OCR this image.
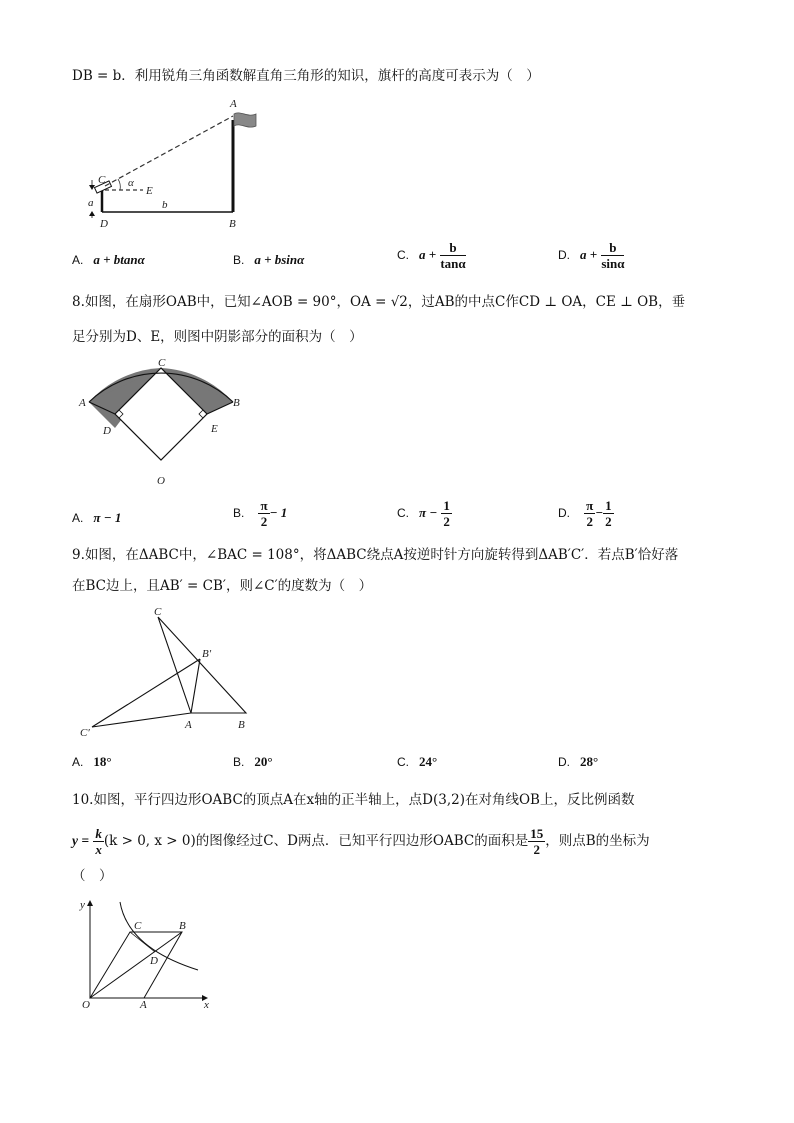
DB = b．利用锐角三角函数解直角三角形的知识，旗杆的高度可表示为（　）
A
B
C
D
E
a	b
α
A. a + btanα	B. a + bsinα	C. $a + \frac{b}{\tan\alpha}$	D. $a + \frac{b}{\sin\alpha}$
8.如图，在扇形OAB中，已知∠AOB = 90°，OA = √2，过AB的中点C作CD ⊥ OA，CE ⊥ OB，垂
足分别为D、E，则图中阴影部分的面积为（　）
C
A	B
D	E
O
A. π − 1	B. $\frac{\pi}{2} - 1$	C. $\pi - \frac{1}{2}$	D. $\frac{\pi}{2} - \frac{1}{2}$
9.如图，在ΔABC中，∠BAC = 108°，将ΔABC绕点A按逆时针方向旋转得到ΔAB′C′．若点B′恰好落
在BC边上，且AB′ = CB′，则∠C′的度数为（　）
C
B′
A	B
C′
A. 18°	B. 20°	C. 24°	D. 28°
10.如图，平行四边形OABC的顶点A在x轴的正半轴上，点D(3,2)在对角线OB上，反比例函数
$y = \frac{k}{x} (k > 0$, x > 0)的图像经过C、D两点．已知平行四边形OABC的面积是 $\frac{15}{2}$ ，则点B的坐标为
（　）
O	A
B
C
D
x
y
